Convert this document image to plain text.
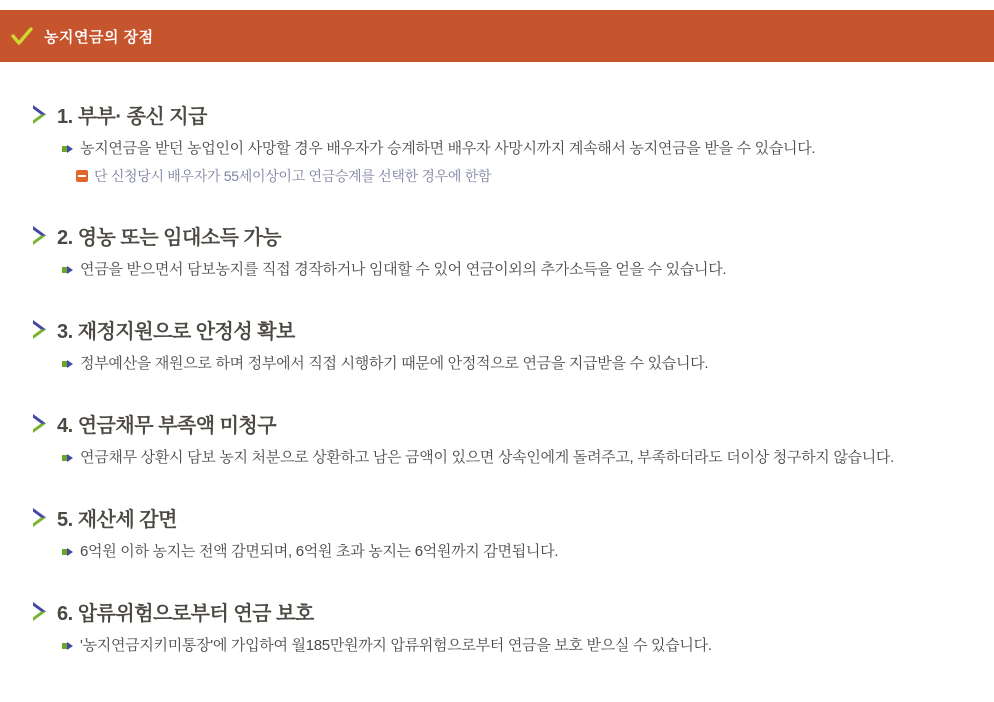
농지연금의 장점
1. 부부· 종신 지급
농지연금을 받던 농업인이 사망할 경우 배우자가 승계하면 배우자 사망시까지 계속해서 농지연금을 받을 수 있습니다.
단 신청당시 배우자가 55세이상이고 연금승계를 선택한 경우에 한함
2. 영농 또는 임대소득 가능
연금을 받으면서 담보농지를 직접 경작하거나 임대할 수 있어 연금이외의 추가소득을 얻을 수 있습니다.
3. 재정지원으로 안정성 확보
정부예산을 재원으로 하며 정부에서 직접 시행하기 때문에 안정적으로 연금을 지급받을 수 있습니다.
4. 연금채무 부족액 미청구
연금채무 상환시 담보 농지 처분으로 상환하고 남은 금액이 있으면 상속인에게 돌려주고, 부족하더라도 더이상 청구하지 않습니다.
5. 재산세 감면
6억원 이하 농지는 전액 감면되며, 6억원 초과 농지는 6억원까지 감면됩니다.
6. 압류위험으로부터 연금 보호
'농지연금지키미통장'에 가입하여 월185만원까지 압류위험으로부터 연금을 보호 받으실 수 있습니다.
